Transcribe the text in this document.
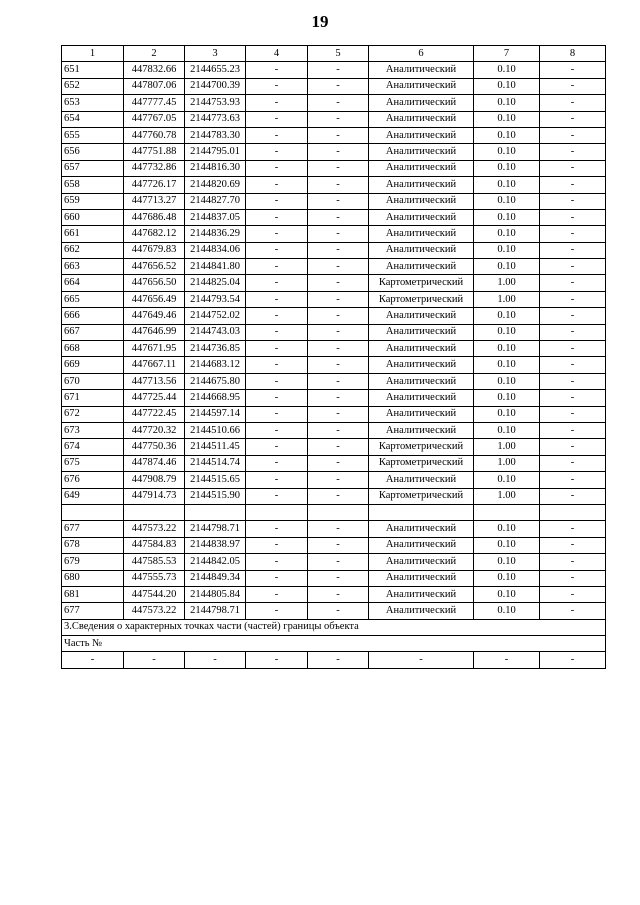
19
1	2	3	4	5	6	7	8
651	447832.66	2144655.23	-	-	Аналитический	0.10	-
652	447807.06	2144700.39	-	-	Аналитический	0.10	-
653	447777.45	2144753.93	-	-	Аналитический	0.10	-
654	447767.05	2144773.63	-	-	Аналитический	0.10	-
655	447760.78	2144783.30	-	-	Аналитический	0.10	-
656	447751.88	2144795.01	-	-	Аналитический	0.10	-
657	447732.86	2144816.30	-	-	Аналитический	0.10	-
658	447726.17	2144820.69	-	-	Аналитический	0.10	-
659	447713.27	2144827.70	-	-	Аналитический	0.10	-
660	447686.48	2144837.05	-	-	Аналитический	0.10	-
661	447682.12	2144836.29	-	-	Аналитический	0.10	-
662	447679.83	2144834.06	-	-	Аналитический	0.10	-
663	447656.52	2144841.80	-	-	Аналитический	0.10	-
664	447656.50	2144825.04	-	-	Картометрический	1.00	-
665	447656.49	2144793.54	-	-	Картометрический	1.00	-
666	447649.46	2144752.02	-	-	Аналитический	0.10	-
667	447646.99	2144743.03	-	-	Аналитический	0.10	-
668	447671.95	2144736.85	-	-	Аналитический	0.10	-
669	447667.11	2144683.12	-	-	Аналитический	0.10	-
670	447713.56	2144675.80	-	-	Аналитический	0.10	-
671	447725.44	2144668.95	-	-	Аналитический	0.10	-
672	447722.45	2144597.14	-	-	Аналитический	0.10	-
673	447720.32	2144510.66	-	-	Аналитический	0.10	-
674	447750.36	2144511.45	-	-	Картометрический	1.00	-
675	447874.46	2144514.74	-	-	Картометрический	1.00	-
676	447908.79	2144515.65	-	-	Аналитический	0.10	-
649	447914.73	2144515.90	-	-	Картометрический	1.00	-

677	447573.22	2144798.71	-	-	Аналитический	0.10	-
678	447584.83	2144838.97	-	-	Аналитический	0.10	-
679	447585.53	2144842.05	-	-	Аналитический	0.10	-
680	447555.73	2144849.34	-	-	Аналитический	0.10	-
681	447544.20	2144805.84	-	-	Аналитический	0.10	-
677	447573.22	2144798.71	-	-	Аналитический	0.10	-
3.Сведения о характерных точках части (частей) границы объекта							
Часть №							
-	-	-	-	-	-	-	-
